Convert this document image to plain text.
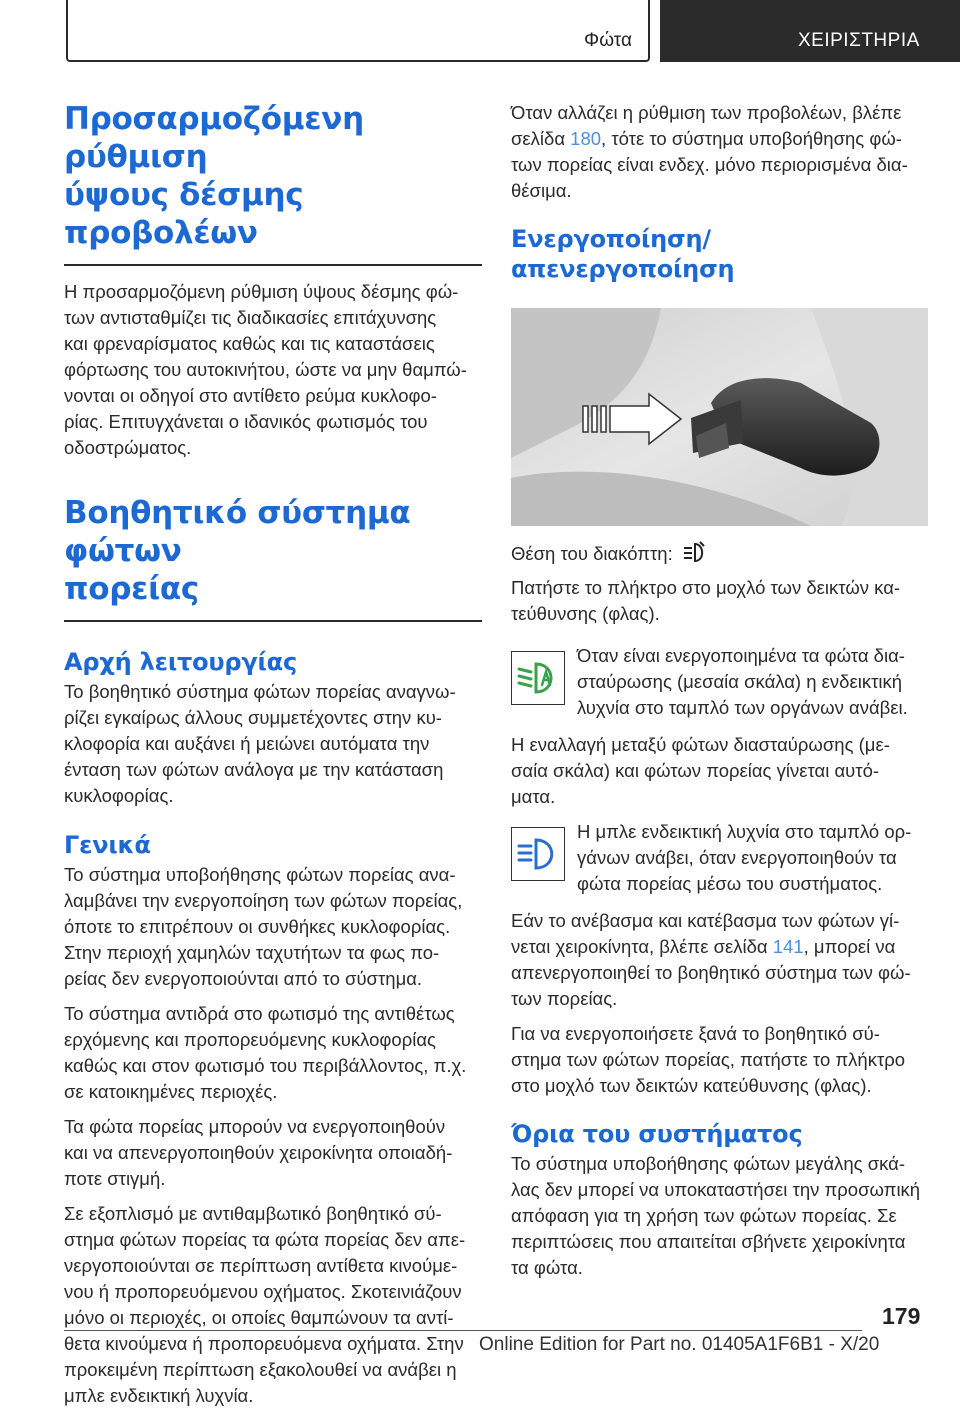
Φώτα	ΧΕΙΡΙΣΤΗΡΙΑ
Προσαρμοζόμενη ρύθμιση
ύψους δέσμης προβολέων

Η προσαρμοζόμενη ρύθμιση ύψους δέσμης φώ-
των αντισταθμίζει τις διαδικασίες επιτάχυνσης
και φρεναρίσματος καθώς και τις καταστάσεις
φόρτωσης του αυτοκινήτου, ώστε να μην θαμπώ-
νονται οι οδηγοί στο αντίθετο ρεύμα κυκλοφο-
ρίας. Επιτυγχάνεται ο ιδανικός φωτισμός του
οδοστρώματος.

Βοηθητικό σύστημα φώτων
πορείας
Αρχή λειτουργίας

Το βοηθητικό σύστημα φώτων πορείας αναγνω-
ρίζει εγκαίρως άλλους συμμετέχοντες στην κυ-
κλοφορία και αυξάνει ή μειώνει αυτόματα την
ένταση των φώτων ανάλογα με την κατάσταση
κυκλοφορίας.

Γενικά

Το σύστημα υποβοήθησης φώτων πορείας ανα-
λαμβάνει την ενεργοποίηση των φώτων πορείας,
όποτε το επιτρέπουν οι συνθήκες κυκλοφορίας.
Στην περιοχή χαμηλών ταχυτήτων τα φως πο-
ρείας δεν ενεργοποιούνται από το σύστημα.

Το σύστημα αντιδρά στο φωτισμό της αντιθέτως
ερχόμενης και προπορευόμενης κυκλοφορίας
καθώς και στον φωτισμό του περιβάλλοντος, π.χ.
σε κατοικημένες περιοχές.

Τα φώτα πορείας μπορούν να ενεργοποιηθούν
και να απενεργοποιηθούν χειροκίνητα οποιαδή-
ποτε στιγμή.

Σε εξοπλισμό με αντιθαμβωτικό βοηθητικό σύ-
στημα φώτων πορείας τα φώτα πορείας δεν απε-
νεργοποιούνται σε περίπτωση αντίθετα κινούμε-
νου ή προπορευόμενου οχήματος. Σκοτεινιάζουν
μόνο οι περιοχές, οι οποίες θαμπώνουν τα αντί-
θετα κινούμενα ή προπορευόμενα οχήματα. Στην
προκειμένη περίπτωση εξακολουθεί να ανάβει η
μπλε ενδεικτική λυχνία.

Όταν αλλάζει η ρύθμιση των προβολέων, βλέπε
σελίδα 180, τότε το σύστημα υποβοήθησης φώ-
των πορείας είναι ενδεχ. μόνο περιορισμένα δια-
θέσιμα.

Ενεργοποίηση/απενεργοποίηση

Θέση του διακόπτη:

Πατήστε το πλήκτρο στο μοχλό των δεικτών κα-
τεύθυνσης (φλας).

Όταν είναι ενεργοποιημένα τα φώτα δια-
σταύρωσης (μεσαία σκάλα) η ενδεικτική
λυχνία στο ταμπλό των οργάνων ανάβει.

Η εναλλαγή μεταξύ φώτων διασταύρωσης (με-
σαία σκάλα) και φώτων πορείας γίνεται αυτό-
ματα.

Η μπλε ενδεικτική λυχνία στο ταμπλό ορ-
γάνων ανάβει, όταν ενεργοποιηθούν τα
φώτα πορείας μέσω του συστήματος.

Εάν το ανέβασμα και κατέβασμα των φώτων γί-
νεται χειροκίνητα, βλέπε σελίδα 141, μπορεί να
απενεργοποιηθεί το βοηθητικό σύστημα των φώ-
των πορείας.

Για να ενεργοποιήσετε ξανά το βοηθητικό σύ-
στημα των φώτων πορείας, πατήστε το πλήκτρο
στο μοχλό των δεικτών κατεύθυνσης (φλας).

Όρια του συστήματος

Το σύστημα υποβοήθησης φώτων μεγάλης σκά-
λας δεν μπορεί να υποκαταστήσει την προσωπική
απόφαση για τη χρήση των φώτων πορείας. Σε
περιπτώσεις που απαιτείται σβήνετε χειροκίνητα
τα φώτα.

179
Online Edition for Part no. 01405A1F6B1 - X/20
